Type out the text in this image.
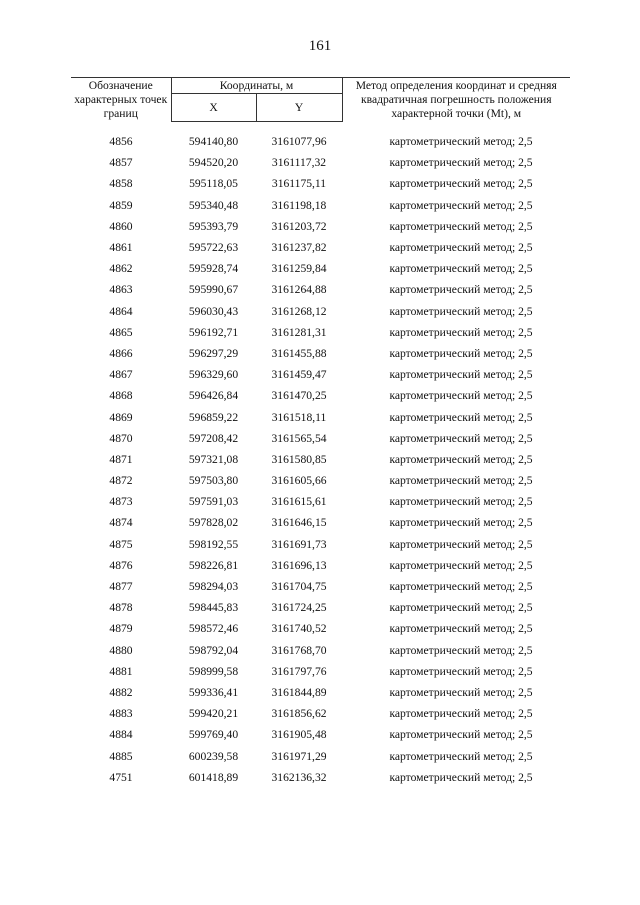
161
Обозначение характерных точек границ	Координаты, м		Метод определения координат и средняя квадратичная погрешность положения характерной точки (Mt), м
	X	Y	

4856	594140,80	3161077,96	картометрический метод; 2,5
4857	594520,20	3161117,32	картометрический метод; 2,5
4858	595118,05	3161175,11	картометрический метод; 2,5
4859	595340,48	3161198,18	картометрический метод; 2,5
4860	595393,79	3161203,72	картометрический метод; 2,5
4861	595722,63	3161237,82	картометрический метод; 2,5
4862	595928,74	3161259,84	картометрический метод; 2,5
4863	595990,67	3161264,88	картометрический метод; 2,5
4864	596030,43	3161268,12	картометрический метод; 2,5
4865	596192,71	3161281,31	картометрический метод; 2,5
4866	596297,29	3161455,88	картометрический метод; 2,5
4867	596329,60	3161459,47	картометрический метод; 2,5
4868	596426,84	3161470,25	картометрический метод; 2,5
4869	596859,22	3161518,11	картометрический метод; 2,5
4870	597208,42	3161565,54	картометрический метод; 2,5
4871	597321,08	3161580,85	картометрический метод; 2,5
4872	597503,80	3161605,66	картометрический метод; 2,5
4873	597591,03	3161615,61	картометрический метод; 2,5
4874	597828,02	3161646,15	картометрический метод; 2,5
4875	598192,55	3161691,73	картометрический метод; 2,5
4876	598226,81	3161696,13	картометрический метод; 2,5
4877	598294,03	3161704,75	картометрический метод; 2,5
4878	598445,83	3161724,25	картометрический метод; 2,5
4879	598572,46	3161740,52	картометрический метод; 2,5
4880	598792,04	3161768,70	картометрический метод; 2,5
4881	598999,58	3161797,76	картометрический метод; 2,5
4882	599336,41	3161844,89	картометрический метод; 2,5
4883	599420,21	3161856,62	картометрический метод; 2,5
4884	599769,40	3161905,48	картометрический метод; 2,5
4885	600239,58	3161971,29	картометрический метод; 2,5
4751	601418,89	3162136,32	картометрический метод; 2,5
